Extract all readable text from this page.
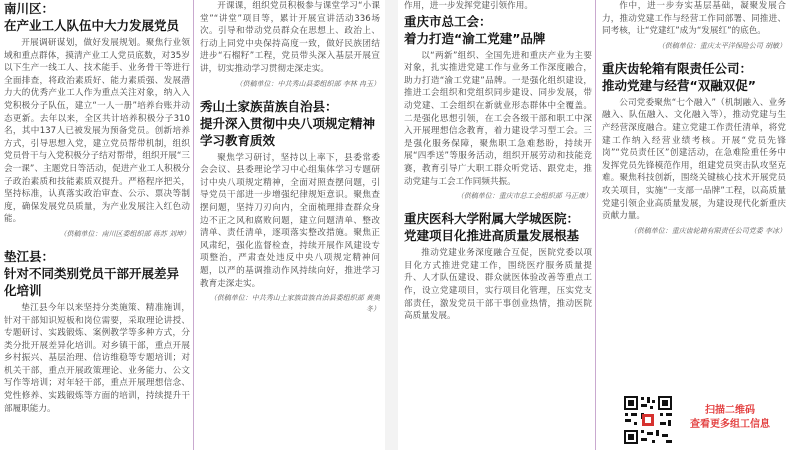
南川区：

在产业工人队伍中大力发展党员

开展调研谋划，做好发展规划。聚焦行业领域和重点群体，摸清产业工人党员底数，对35岁以下生产一线工人、技术能手、业务骨干等进行全面排查，将政治素质好、能力素质强、发展潜力大的优秀产业工人作为重点关注对象，纳入入党积极分子队伍，建立“一人一册”培养台账并动态更新。去年以来，全区共计培养积极分子310名，其中137人已被发展为预备党员。创新培养方式，引导思想入党，建立党员帮带机制，组织党员骨干与入党积极分子结对帮带，组织开展“三会一课”、主题党日等活动，促进产业工人积极分子政治素质和技能素质双提升。严格程序把关，坚持标准，认真落实政治审查、公示、票决等制度，确保发展党员质量，为产业发展注入红色动能。

（供稿单位：南川区委组织部 蒋苏 刘坤）

垫江县：

针对不同类别党员干部开展差异化培训

垫江县今年以来坚持分类施策、精准施训，针对干部知识短板和岗位需要，采取理论讲授、专题研讨、实践锻炼、案例教学等多种方式，分类分批开展差异化培训。对乡镇干部，重点开展乡村振兴、基层治理、信访维稳等专题培训；对机关干部，重点开展政策理论、业务能力、公文写作等培训；对年轻干部，重点开展理想信念、党性修养、实践锻炼等方面的培训，持续提升干部履职能力。

开课课，组织党员积极参与课堂学习“小课堂”“讲堂”项目等，累计开展宣讲活动336场次。引导和带动党员群众在思想上、政治上、行动上同党中央保持高度一致，做好民族团结进步“石榴籽”工程，党员带头深入基层开展宣讲，切实推动学习贯彻走深走实。

（供稿单位：中共秀山县委组织部 李林 冉玉）

秀山土家族苗族自治县：

提升深入贯彻中央八项规定精神学习教育质效

聚焦学习研讨，坚持以上率下，县委常委会会议、县委理论学习中心组集体学习专题研讨中央八项规定精神，全面对照查摆问题，引导党员干部进一步增强纪律规矩意识。聚焦查摆问题，坚持刀刃向内，全面梳理排查群众身边不正之风和腐败问题，建立问题清单、整改清单、责任清单，逐项落实整改措施。聚焦正风肃纪，强化监督检查，持续开展作风建设专项整治，严肃查处违反中央八项规定精神问题，以严的基调推动作风持续向好，推进学习教育走深走实。

（供稿单位：中共秀山土家族苗族自治县委组织部 黄奥冬）

作用，进一步发挥党建引领作用。

重庆市总工会：

着力打造“渝工党建”品牌

以“两新”组织、全国先进和重庆产业为主要对象，扎实推进党建工作与业务工作深度融合，助力打造“渝工党建”品牌。一是强化组织建设，推进工会组织和党组织同步建设、同步发展，带动党建、工会组织在新就业形态群体中全覆盖。二是强化思想引领，在工会各级干部和职工中深入开展理想信念教育，着力建设学习型工会。三是强化服务保障，聚焦职工急难愁盼，持续开展“四季送”等服务活动，组织开展劳动和技能竞赛，教育引导广大职工群众听党话、跟党走，推动党建与工会工作同频共振。

（供稿单位：重庆市总工会组织部 马正康）

重庆医科大学附属大学城医院：

党建项目化推进高质量发展根基

推动党建业务深度融合互促，医院党委以项目化方式推进党建工作，围绕医疗服务质量提升、人才队伍建设、群众就医体验改善等重点工作，设立党建项目，实行项目化管理，压实党支部责任，激发党员干部干事创业热情，推动医院高质量发展。

作中，进一步夯实基层基础，凝聚发展合力，推动党建工作与经营工作同部署、同推进、同考核，让“党建红”成为“发展红”的底色。

（供稿单位：重庆太平洋保险公司 胡敏）

重庆齿轮箱有限责任公司：

推动党建与经营“双融双促”

公司党委聚焦“七个融入”（机制融入、业务融入、队伍融入、文化融入等），推动党建与生产经营深度融合。建立党建工作责任清单，将党建工作纳入经营业绩考核。开展“党员先锋岗”“党员责任区”创建活动，在急难险重任务中发挥党员先锋模范作用，组建党员突击队攻坚克难。聚焦科技创新，围绕关键核心技术开展党员攻关项目，实施“一支部一品牌”工程，以高质量党建引领企业高质量发展，为建设现代化新重庆贡献力量。

（供稿单位：重庆齿轮箱有限责任公司党委 李冰）

扫描二维码
查看更多组工信息
